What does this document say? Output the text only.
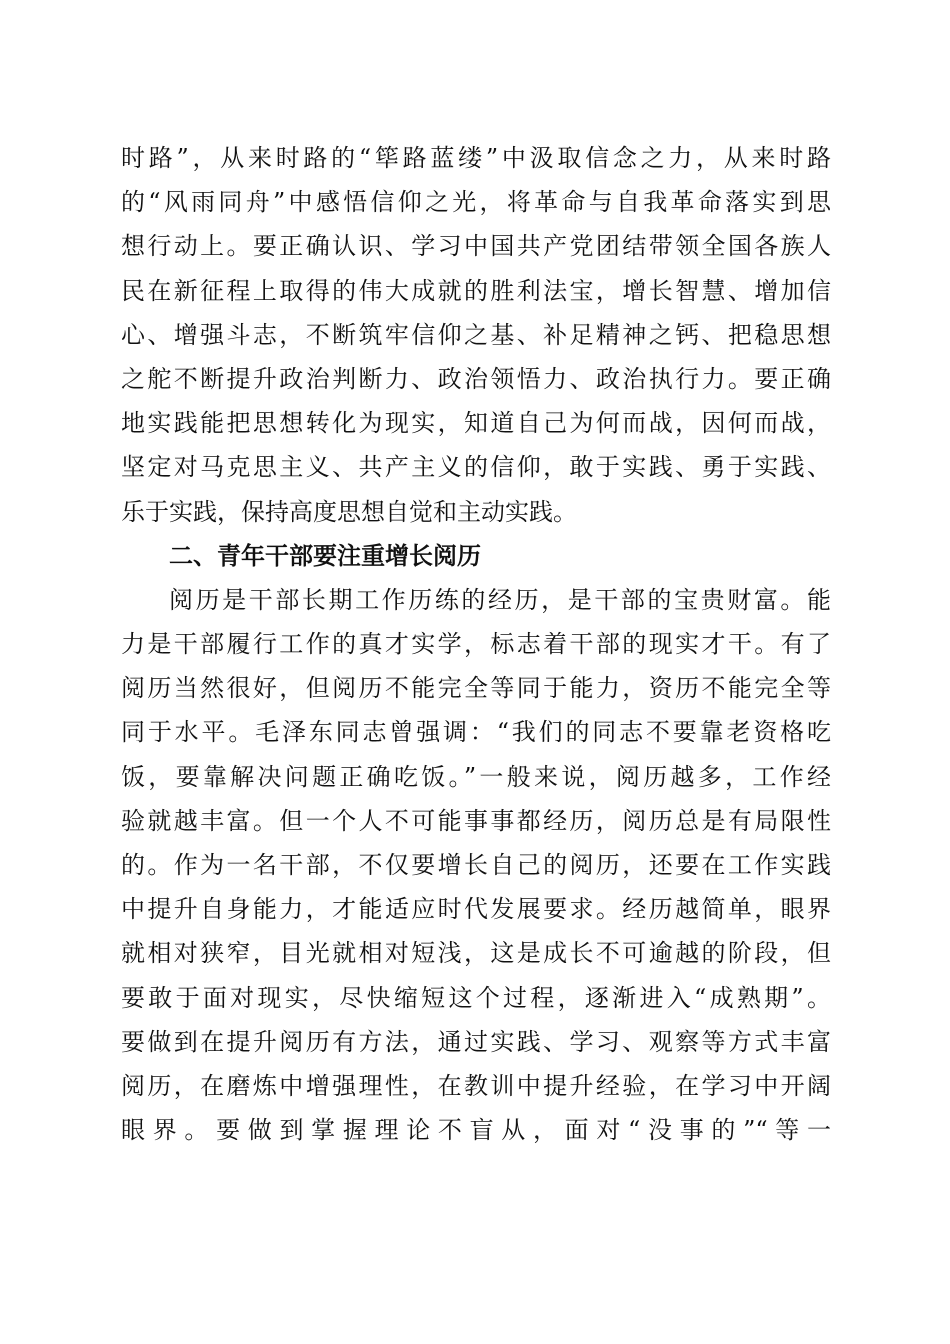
时路”，从来时路的“筚路蓝缕”中汲取信念之力，从来时路
的“风雨同舟”中感悟信仰之光，将革命与自我革命落实到思
想行动上。要正确认识、学习中国共产党团结带领全国各族人
民在新征程上取得的伟大成就的胜利法宝，增长智慧、增加信
心、增强斗志，不断筑牢信仰之基、补足精神之钙、把稳思想
之舵不断提升政治判断力、政治领悟力、政治执行力。要正确
地实践能把思想转化为现实，知道自己为何而战，因何而战，
坚定对马克思主义、共产主义的信仰，敢于实践、勇于实践、
乐于实践，保持高度思想自觉和主动实践。
二、青年干部要注重增长阅历
阅历是干部长期工作历练的经历，是干部的宝贵财富。能
力是干部履行工作的真才实学，标志着干部的现实才干。有了
阅历当然很好，但阅历不能完全等同于能力，资历不能完全等
同于水平。毛泽东同志曾强调：“我们的同志不要靠老资格吃
饭，要靠解决问题正确吃饭。”一般来说，阅历越多，工作经
验就越丰富。但一个人不可能事事都经历，阅历总是有局限性
的。作为一名干部，不仅要增长自己的阅历，还要在工作实践
中提升自身能力，才能适应时代发展要求。经历越简单，眼界
就相对狭窄，目光就相对短浅，这是成长不可逾越的阶段，但
要敢于面对现实，尽快缩短这个过程，逐渐进入“成熟期”。
要做到在提升阅历有方法，通过实践、学习、观察等方式丰富
阅历，在磨炼中增强理性，在教训中提升经验，在学习中开阔
眼界。要做到掌握理论不盲从，面对“没事的”“等一
